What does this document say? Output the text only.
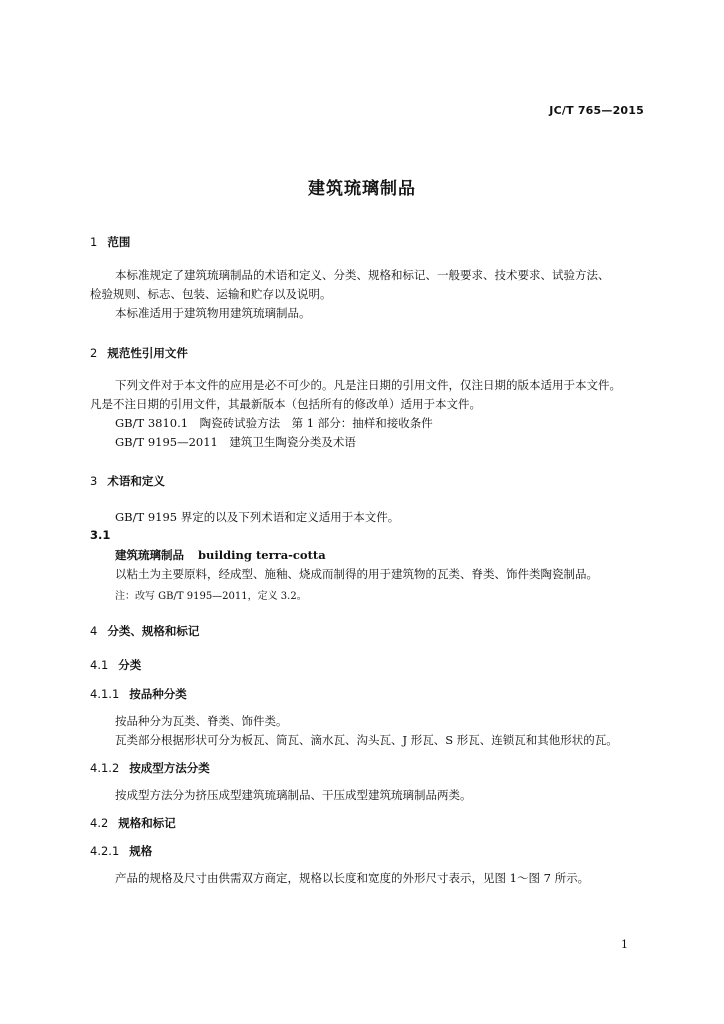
JC/T 765—2015
建筑琉璃制品
1 范围
本标准规定了建筑琉璃制品的术语和定义、分类、规格和标记、一般要求、技术要求、试验方法、
检验规则、标志、包装、运输和贮存以及说明。
本标准适用于建筑物用建筑琉璃制品。
2 规范性引用文件
下列文件对于本文件的应用是必不可少的。凡是注日期的引用文件，仅注日期的版本适用于本文件。
凡是不注日期的引用文件，其最新版本（包括所有的修改单）适用于本文件。
GB/T 3810.1　陶瓷砖试验方法　第 1 部分：抽样和接收条件
GB/T 9195—2011　建筑卫生陶瓷分类及术语
3 术语和定义
GB/T 9195 界定的以及下列术语和定义适用于本文件。
3.1
建筑琉璃制品 building terra-cotta
以粘土为主要原料，经成型、施釉、烧成而制得的用于建筑物的瓦类、脊类、饰件类陶瓷制品。
注：改写 GB/T 9195—2011，定义 3.2。
4 分类、规格和标记
4.1 分类
4.1.1 按品种分类
按品种分为瓦类、脊类、饰件类。
瓦类部分根据形状可分为板瓦、筒瓦、滴水瓦、沟头瓦、J 形瓦、S 形瓦、连锁瓦和其他形状的瓦。
4.1.2 按成型方法分类
按成型方法分为挤压成型建筑琉璃制品、干压成型建筑琉璃制品两类。
4.2 规格和标记
4.2.1 规格
产品的规格及尺寸由供需双方商定，规格以长度和宽度的外形尺寸表示，见图 1～图 7 所示。
1
